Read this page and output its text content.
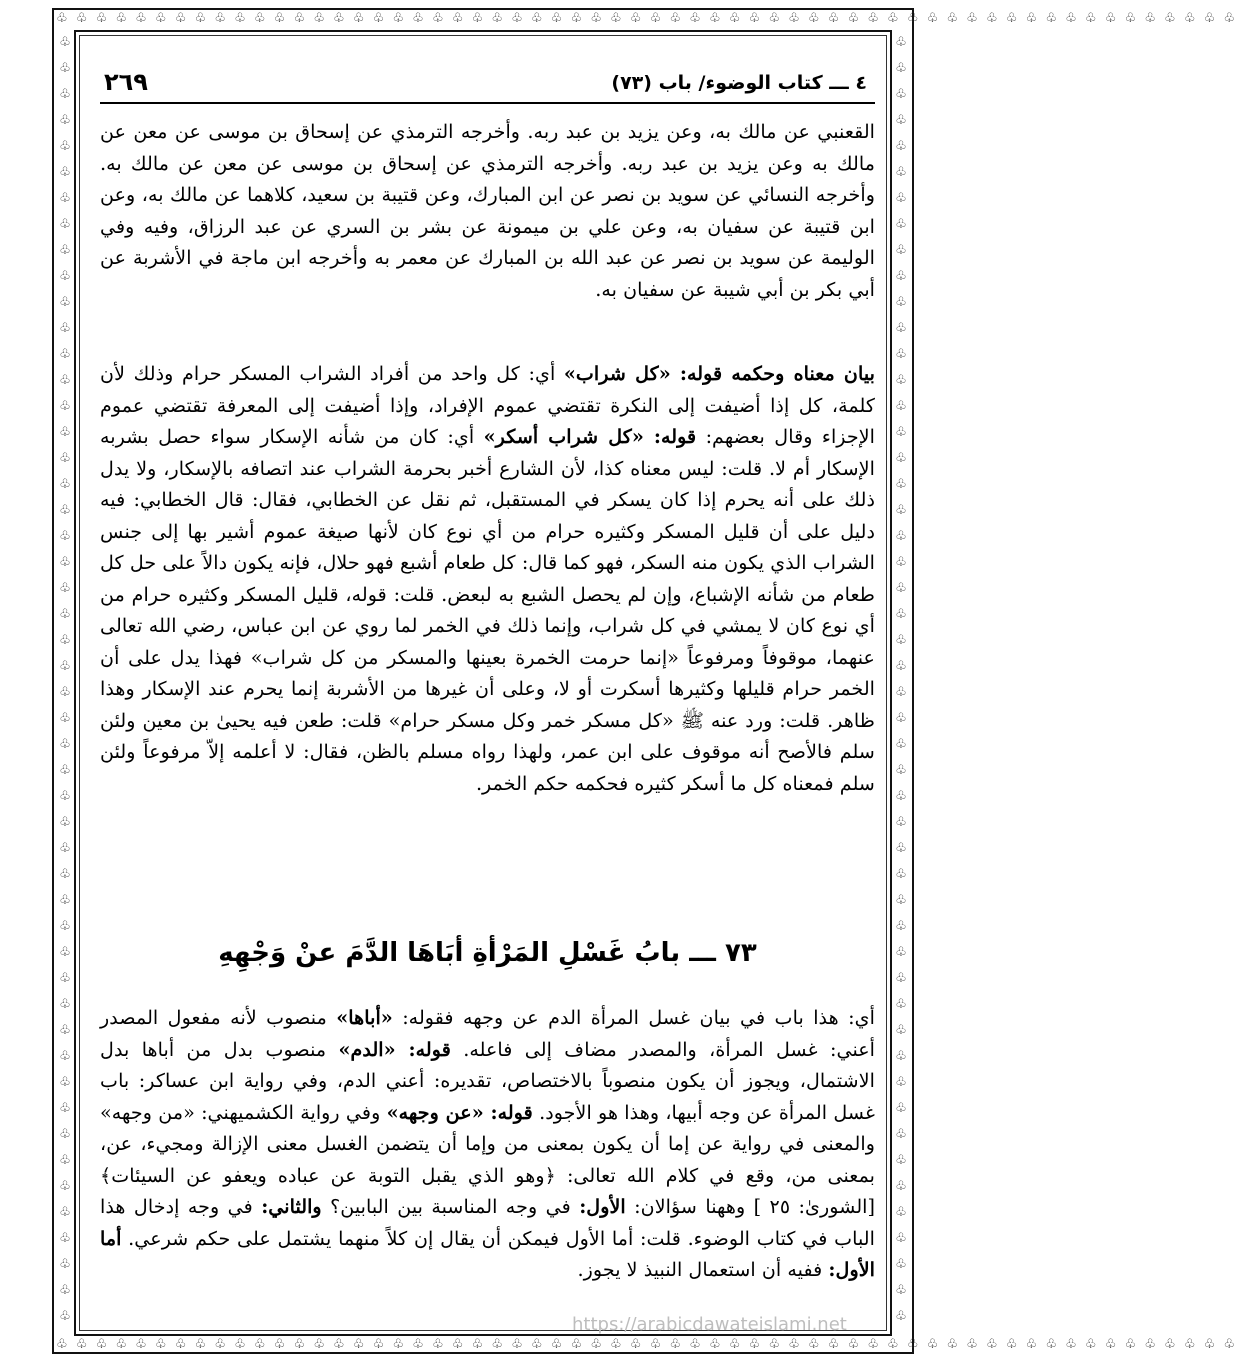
♧ ♧ ♧ ♧ ♧ ♧ ♧ ♧ ♧ ♧ ♧ ♧ ♧ ♧ ♧ ♧ ♧ ♧ ♧ ♧ ♧ ♧ ♧ ♧ ♧ ♧ ♧ ♧ ♧ ♧ ♧ ♧ ♧ ♧ ♧ ♧ ♧ ♧ ♧ ♧ ♧ ♧ ♧ ♧ ♧ ♧ ♧ ♧ ♧ ♧ ♧ ♧ ♧ ♧ ♧ ♧ ♧ ♧ ♧ ♧
♧ ♧ ♧ ♧ ♧ ♧ ♧ ♧ ♧ ♧ ♧ ♧ ♧ ♧ ♧ ♧ ♧ ♧ ♧ ♧ ♧ ♧ ♧ ♧ ♧ ♧ ♧ ♧ ♧ ♧ ♧ ♧ ♧ ♧ ♧ ♧ ♧ ♧ ♧ ♧ ♧ ♧ ♧ ♧ ♧ ♧ ♧ ♧ ♧ ♧ ♧ ♧ ♧ ♧ ♧ ♧ ♧ ♧ ♧ ♧
♧♧♧♧♧♧♧♧♧♧♧♧♧♧♧♧♧♧♧♧♧♧♧♧♧♧♧♧♧♧♧♧♧♧♧♧♧♧♧♧♧♧♧♧♧♧♧♧♧♧
♧♧♧♧♧♧♧♧♧♧♧♧♧♧♧♧♧♧♧♧♧♧♧♧♧♧♧♧♧♧♧♧♧♧♧♧♧♧♧♧♧♧♧♧♧♧♧♧♧♧
٤ ـــ كتاب الوضوء/ باب (٧٣)
٢٦٩

القعنبي عن مالك به، وعن يزيد بن عبد ربه. وأخرجه الترمذي عن إسحاق بن موسى عن معن عن مالك به وعن يزيد بن عبد ربه. وأخرجه الترمذي عن إسحاق بن موسى عن معن عن مالك به. وأخرجه النسائي عن سويد بن نصر عن ابن المبارك، وعن قتيبة بن سعيد، كلاهما عن مالك به، وعن ابن قتيبة عن سفيان به، وعن علي بن ميمونة عن بشر بن السري عن عبد الرزاق، وفيه وفي الوليمة عن سويد بن نصر عن عبد الله بن المبارك عن معمر به وأخرجه ابن ماجة في الأشربة عن أبي بكر بن أبي شيبة عن سفيان به.

بيان معناه وحكمه قوله: «كل شراب» أي: كل واحد من أفراد الشراب المسكر حرام وذلك لأن كلمة، كل إذا أضيفت إلى النكرة تقتضي عموم الإفراد، وإذا أضيفت إلى المعرفة تقتضي عموم الإجزاء وقال بعضهم: قوله: «كل شراب أسكر» أي: كان من شأنه الإسكار سواء حصل بشربه الإسكار أم لا. قلت: ليس معناه كذا، لأن الشارع أخبر بحرمة الشراب عند اتصافه بالإسكار، ولا يدل ذلك على أنه يحرم إذا كان يسكر في المستقبل، ثم نقل عن الخطابي، فقال: قال الخطابي: فيه دليل على أن قليل المسكر وكثيره حرام من أي نوع كان لأنها صيغة عموم أشير بها إلى جنس الشراب الذي يكون منه السكر، فهو كما قال: كل طعام أشبع فهو حلال، فإنه يكون دالاً على حل كل طعام من شأنه الإشباع، وإن لم يحصل الشبع به لبعض. قلت: قوله، قليل المسكر وكثيره حرام من أي نوع كان لا يمشي في كل شراب، وإنما ذلك في الخمر لما روي عن ابن عباس، رضي الله تعالى عنهما، موقوفاً ومرفوعاً «إنما حرمت الخمرة بعينها والمسكر من كل شراب» فهذا يدل على أن الخمر حرام قليلها وكثيرها أسكرت أو لا، وعلى أن غيرها من الأشربة إنما يحرم عند الإسكار وهذا ظاهر. قلت: ورد عنه ﷺ «كل مسكر خمر وكل مسكر حرام» قلت: طعن فيه يحيىٰ بن معين ولئن سلم فالأصح أنه موقوف على ابن عمر، ولهذا رواه مسلم بالظن، فقال: لا أعلمه إلاّ مرفوعاً ولئن سلم فمعناه كل ما أسكر كثيره فحكمه حكم الخمر.

٧٣ ـــ بابُ غَسْلِ المَرْأةِ أبَاهَا الدَّمَ عنْ وَجْهِهِ

أي: هذا باب في بيان غسل المرأة الدم عن وجهه فقوله: «أباها» منصوب لأنه مفعول المصدر أعني: غسل المرأة، والمصدر مضاف إلى فاعله. قوله: «الدم» منصوب بدل من أباها بدل الاشتمال، ويجوز أن يكون منصوباً بالاختصاص، تقديره: أعني الدم، وفي رواية ابن عساكر: باب غسل المرأة عن وجه أبيها، وهذا هو الأجود. قوله: «عن وجهه» وفي رواية الكشميهني: «من وجهه» والمعنى في رواية عن إما أن يكون بمعنى من وإما أن يتضمن الغسل معنى الإزالة ومجيء، عن، بمعنى من، وقع في كلام الله تعالى: ﴿وهو الذي يقبل التوبة عن عباده ويعفو عن السيئات﴾ [الشورىٰ: ٢٥ ] وههنا سؤالان: الأول: في وجه المناسبة بين البابين؟ والثاني: في وجه إدخال هذا الباب في كتاب الوضوء. قلت: أما الأول فيمكن أن يقال إن كلاً منهما يشتمل على حكم شرعي. أما الأول: ففيه أن استعمال النبيذ لا يجوز.

https://arabicdawateislami.net
